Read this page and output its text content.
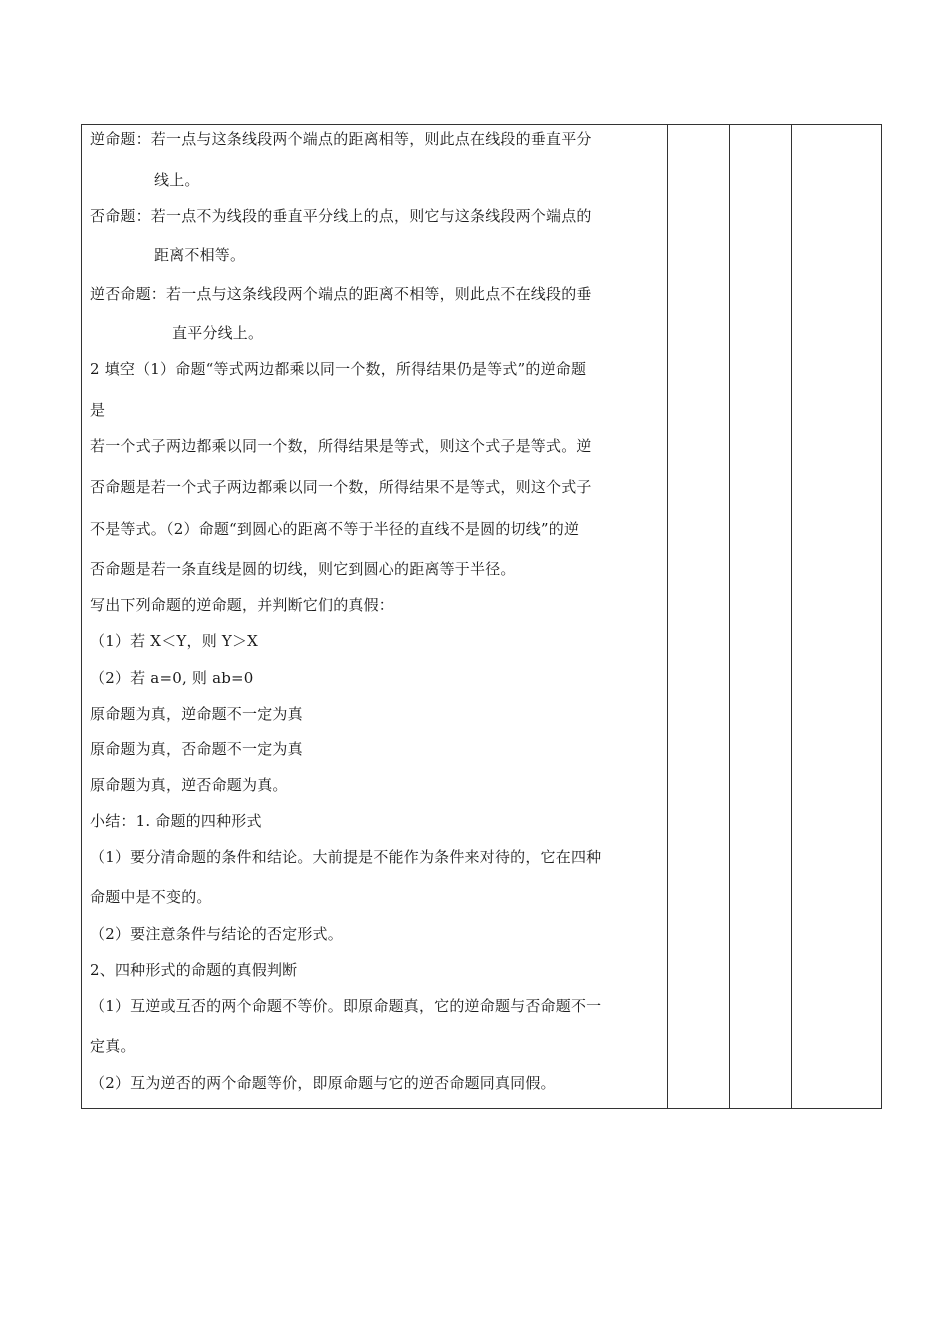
逆命题：若一点与这条线段两个端点的距离相等，则此点在线段的垂直平分
线上。
否命题：若一点不为线段的垂直平分线上的点，则它与这条线段两个端点的
距离不相等。
逆否命题：若一点与这条线段两个端点的距离不相等，则此点不在线段的垂
直平分线上。
2 填空（1）命题“等式两边都乘以同一个数，所得结果仍是等式”的逆命题
是
若一个式子两边都乘以同一个数，所得结果是等式，则这个式子是等式。逆
否命题是若一个式子两边都乘以同一个数，所得结果不是等式，则这个式子
不是等式。（2）命题“到圆心的距离不等于半径的直线不是圆的切线”的逆
否命题是若一条直线是圆的切线，则它到圆心的距离等于半径。
写出下列命题的逆命题，并判断它们的真假：
（1）若 X＜Y，则 Y＞X
（2）若 a=0, 则 ab=0
原命题为真，逆命题不一定为真
原命题为真，否命题不一定为真
原命题为真，逆否命题为真。
小结：1. 命题的四种形式
（1）要分清命题的条件和结论。大前提是不能作为条件来对待的，它在四种
命题中是不变的。
（2）要注意条件与结论的否定形式。
2、四种形式的命题的真假判断
（1）互逆或互否的两个命题不等价。即原命题真，它的逆命题与否命题不一
定真。
（2）互为逆否的两个命题等价，即原命题与它的逆否命题同真同假。
